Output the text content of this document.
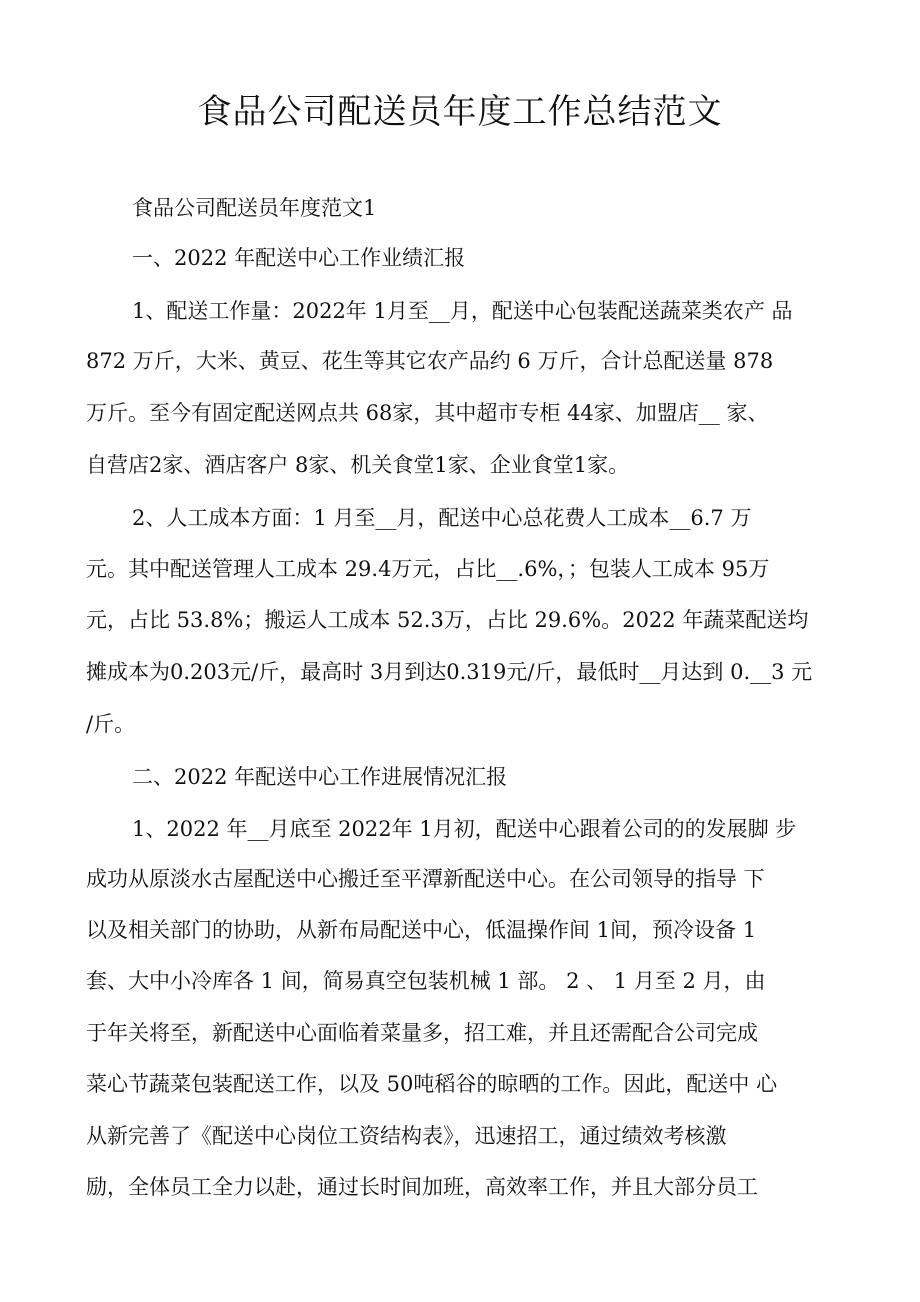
食品公司配送员年度工作总结范文
食品公司配送员年度范文1
一、2022 年配送中心工作业绩汇报
1、配送工作量：2022年 1月至__月，配送中心包装配送蔬菜类农产 品
872 万斤，大米、黄豆、花生等其它农产品约 6 万斤，合计总配送量 878
万斤。至今有固定配送网点共 68家，其中超市专柜 44家、加盟店__ 家、
自营店2家、酒店客户 8家、机关食堂1家、企业食堂1家。
2、人工成本方面：1 月至__月，配送中心总花费人工成本__6.7 万
元。其中配送管理人工成本 29.4万元，占比__.6%，；包装人工成本 95万
元，占比 53.8%；搬运人工成本 52.3万，占比 29.6%。2022 年蔬菜配送均
摊成本为0.203元/斤，最高时 3月到达0.319元/斤，最低时__月达到 0.__3 元
/斤。
二、2022 年配送中心工作进展情况汇报
1、2022 年__月底至 2022年 1月初，配送中心跟着公司的的发展脚 步
成功从原淡水古屋配送中心搬迁至平潭新配送中心。在公司领导的指导 下
以及相关部门的协助，从新布局配送中心，低温操作间 1间，预冷设备 1
套、大中小冷库各 1 间，简易真空包装机械 1 部。 2 、 1 月至 2 月，由
于年关将至，新配送中心面临着菜量多，招工难，并且还需配合公司完成
菜心节蔬菜包装配送工作，以及 50吨稻谷的晾晒的工作。因此，配送中 心
从新完善了《配送中心岗位工资结构表》，迅速招工，通过绩效考核激
励，全体员工全力以赴，通过长时间加班，高效率工作，并且大部分员工
